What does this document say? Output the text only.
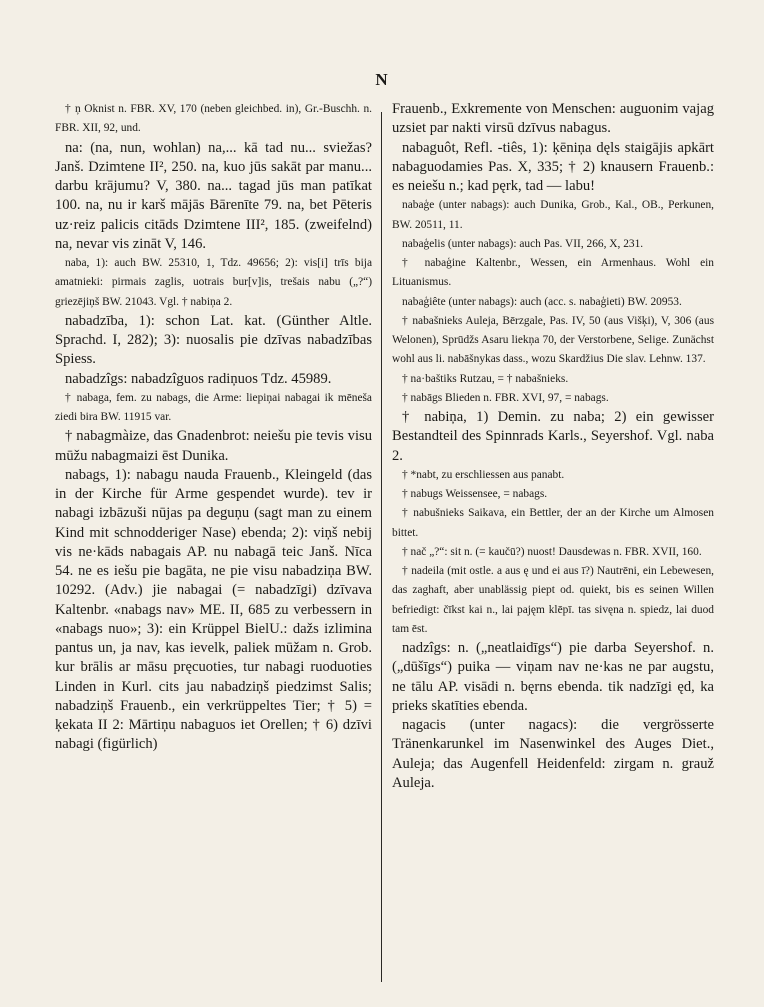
N

† ņ Oknist n. FBR. XV, 170 (neben gleichbed. in), Gr.-Buschh. n. FBR. XII, 92, und.

na: (na, nun, wohlan) na,... kā tad nu... sviežas? Janš. Dzimtene II², 250. na, kuo jūs sakāt par manu... darbu krājumu? V, 380. na... tagad jūs man patīkat 100. na, nu ir karš mājās Bārenīte 79. na, bet Pēteris uz·reiz palicis citāds Dzimtene III², 185. (zweifelnd) na, nevar vis zināt V, 146.

naba, 1): auch BW. 25310, 1, Tdz. 49656; 2): vis[i] trīs bija amatnieki: pirmais zaglis, uotrais bur[v]is, trešais nabu („?“) griezējiņš BW. 21043. Vgl. † nabiņa 2.

nabadzība, 1): schon Lat. kat. (Günther Altle. Sprachd. I, 282); 3): nuosalis pie dzīvas nabadzības Spiess.

nabadzîgs: nabadzîguos radiņuos Tdz. 45989.

† nabaga, fem. zu nabags, die Arme: liepiņai nabagai ik mēneša ziedi bira BW. 11915 var.

† nabagmàize, das Gnadenbrot: neiešu pie tevis visu mūžu nabagmaizi ēst Dunika.

nabags, 1): nabagu nauda Frauenb., Kleingeld (das in der Kirche für Arme gespendet wurde). tev ir nabagi izbāzuši nūjas pa deguņu (sagt man zu einem Kind mit schnodderiger Nase) ebenda; 2): viņš nebij vis ne·kāds nabagais AP. nu nabagā teic Janš. Nīca 54. ne es iešu pie bagāta, ne pie visu nabadziņa BW. 10292. (Adv.) jie nabagai (= nabadzīgi) dzīvava Kaltenbr. «nabags nav» ME. II, 685 zu verbessern in «nabags nuo»; 3): ein Krüppel BielU.: dažs izlimina pantus un, ja nav, kas ievelk, paliek mūžam n. Grob. kur brālis ar māsu pręcuoties, tur nabagi ruoduoties Linden in Kurl. cits jau nabadziņš piedzimst Salis; nabadziņš Frauenb., ein verkrüppeltes Tier; † 5) = ķekata II 2: Mārtiņu nabaguos iet Orellen; † 6) dzīvi nabagi (figürlich)

Frauenb., Exkremente von Menschen: auguonim vajag uzsiet par nakti virsū dzīvus nabagus.

nabaguôt, Refl. -tiês, 1): ķēniņa dęls staigājis apkārt nabaguodamies Pas. X, 335; † 2) knausern Frauenb.: es neiešu n.; kad pęrk, tad — labu!

nabaģe (unter nabags): auch Dunika, Grob., Kal., OB., Perkunen, BW. 20511, 11.

nabaģelis (unter nabags): auch Pas. VII, 266, X, 231.

† nabaģine Kaltenbr., Wessen, ein Armenhaus. Wohl ein Lituanismus.

nabaģiête (unter nabags): auch (acc. s. nabaģieti) BW. 20953.

† nabašnieks Auleja, Bērzgale, Pas. IV, 50 (aus Višķi), V, 306 (aus Welonen), Sprūdžs Asaru liekņa 70, der Verstorbene, Selige. Zunächst wohl aus li. nabāšnykas dass., wozu Skardžius Die slav. Lehnw. 137.

† na·baštiks Rutzau, = † nabašnieks.

† nabāgs Blieden n. FBR. XVI, 97, = nabags.

† nabiņa, 1) Demin. zu naba; 2) ein gewisser Bestandteil des Spinnrads Karls., Seyershof. Vgl. naba 2.

† *nabt, zu erschliessen aus panabt.

† nabugs Weissensee, = nabags.

† nabušnieks Saikava, ein Bettler, der an der Kirche um Almosen bittet.

† nač „?“: sit n. (= kaučū?) nuost! Dausdewas n. FBR. XVII, 160.

† nadeila (mit ostle. a aus ę und ei aus ī?) Nautrēni, ein Lebewesen, das zaghaft, aber unablässig piept od. quiekt, bis es seinen Willen befriedigt: čīkst kai n., lai pajęm klēpī. tas sivęna n. spiedz, lai duod tam ēst.

nadzîgs: n. („neatlaidīgs“) pie darba Seyershof. n. („dūšīgs“) puika — viņam nav ne·kas ne par augstu, ne tālu AP. visādi n. bęrns ebenda. tik nadzīgi ęd, ka prieks skatīties ebenda.

nagacis (unter nagacs): die vergrösserte Tränenkarunkel im Nasenwinkel des Auges Diet., Auleja; das Augenfell Heidenfeld: zirgam n. grauž Auleja.
